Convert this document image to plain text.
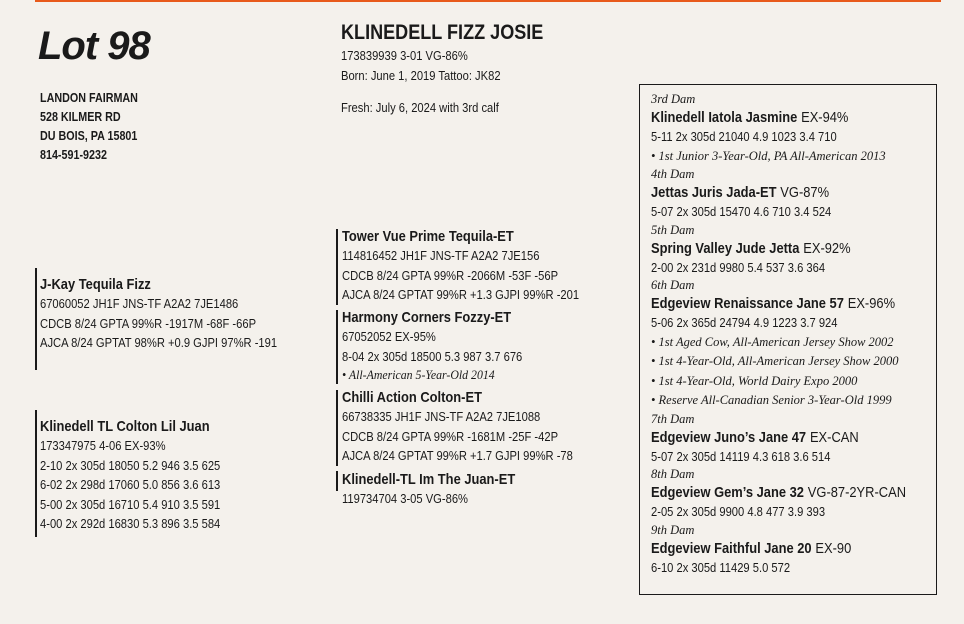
Lot 98
LANDON FAIRMAN
528 KILMER RD
DU BOIS, PA 15801
814-591-9232
KLINEDELL FIZZ JOSIE
173839939 3-01 VG-86%
Born: June 1, 2019 Tattoo: JK82
Fresh: July 6, 2024 with 3rd calf
J-Kay Tequila Fizz
67060052 JH1F JNS-TF A2A2 7JE1486
CDCB 8/24 GPTA 99%R -1917M -68F -66P
AJCA 8/24 GPTAT 98%R +0.9 GJPI 97%R -191
Klinedell TL Colton Lil Juan
173347975 4-06 EX-93%
2-10 2x 305d 18050 5.2 946 3.5 625
6-02 2x 298d 17060 5.0 856 3.6 613
5-00 2x 305d 16710 5.4 910 3.5 591
4-00 2x 292d 16830 5.3 896 3.5 584
Tower Vue Prime Tequila-ET
114816452 JH1F JNS-TF A2A2 7JE156
CDCB 8/24 GPTA 99%R -2066M -53F -56P
AJCA 8/24 GPTAT 99%R +1.3 GJPI 99%R -201
Harmony Corners Fozzy-ET
67052052 EX-95%
8-04 2x 305d 18500 5.3 987 3.7 676
• All-American 5-Year-Old 2014
Chilli Action Colton-ET
66738335 JH1F JNS-TF A2A2 7JE1088
CDCB 8/24 GPTA 99%R -1681M -25F -42P
AJCA 8/24 GPTAT 99%R +1.7 GJPI 99%R -78
Klinedell-TL Im The Juan-ET
119734704 3-05 VG-86%
3rd Dam
Klinedell Iatola Jasmine EX-94%
5-11 2x 305d 21040 4.9 1023 3.4 710
• 1st Junior 3-Year-Old, PA All-American 2013
4th Dam
Jettas Juris Jada-ET VG-87%
5-07 2x 305d 15470 4.6 710 3.4 524
5th Dam
Spring Valley Jude Jetta EX-92%
2-00 2x 231d 9980 5.4 537 3.6 364
6th Dam
Edgeview Renaissance Jane 57 EX-96%
5-06 2x 365d 24794 4.9 1223 3.7 924
• 1st Aged Cow, All-American Jersey Show 2002
• 1st 4-Year-Old, All-American Jersey Show 2000
• 1st 4-Year-Old, World Dairy Expo 2000
• Reserve All-Canadian Senior 3-Year-Old 1999
7th Dam
Edgeview Juno’s Jane 47 EX-CAN
5-07 2x 305d 14119 4.3 618 3.6 514
8th Dam
Edgeview Gem’s Jane 32 VG-87-2YR-CAN
2-05 2x 305d 9900 4.8 477 3.9 393
9th Dam
Edgeview Faithful Jane 20 EX-90
6-10 2x 305d 11429 5.0 572
